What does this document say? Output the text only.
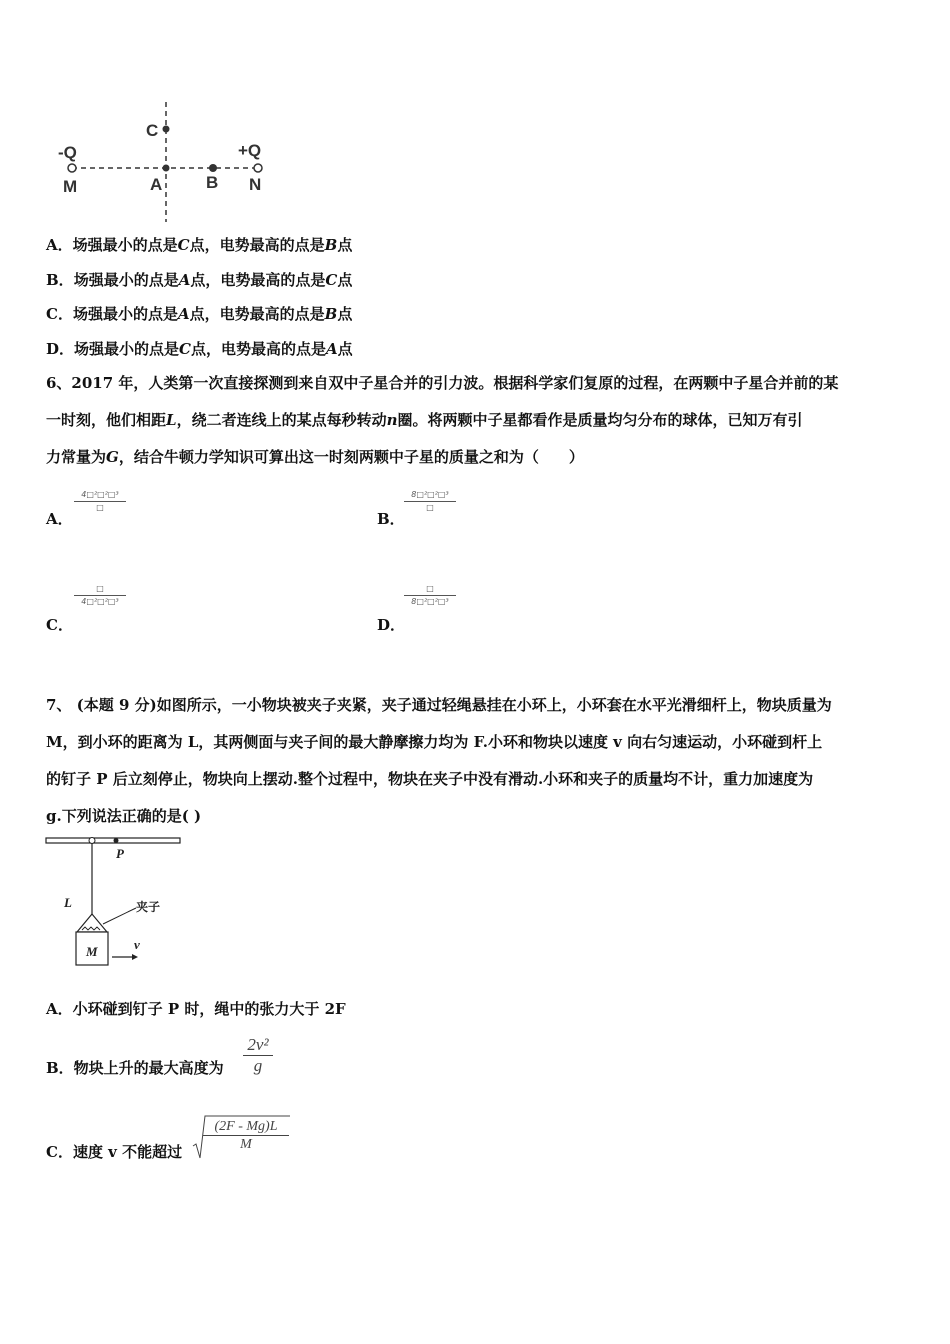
C
-Q	+Q
M	A	B N
A．场强最小的点是C点，电势最高的点是B点
B．场强最小的点是A点，电势最高的点是C点
C．场强最小的点是A点，电势最高的点是B点
D．场强最小的点是C点，电势最高的点是A点
6、2017 年，人类第一次直接探测到来自双中子星合并的引力波。根据科学家们复原的过程，在两颗中子星合并前的某
一时刻，他们相距L，绕二者连线上的某点每秒转动n圈。将两颗中子星都看作是质量均匀分布的球体，已知万有引
力常量为G，结合牛顿力学知识可算出这一时刻两颗中子星的质量之和为（　　）
A．
4□²□²□³
□
B．
8□²□²□³
□
C．
□
4□²□²□³
D．
□
8□²□²□³
7、 (本题 9 分)如图所示，一小物块被夹子夹紧，夹子通过轻绳悬挂在小环上，小环套在水平光滑细杆上，物块质量为
M，到小环的距离为 L，其两侧面与夹子间的最大静摩擦力均为 F.小环和物块以速度 v 向右匀速运动，小环碰到杆上
的钉子 P 后立刻停止，物块向上摆动.整个过程中，物块在夹子中没有滑动.小环和夹子的质量均不计，重力加速度为
g.下列说法正确的是( )
P
L	夹子
M	v
A．小环碰到钉子 P 时，绳中的张力大于 2F
B．物块上升的最大高度为
2v²
g
C．速度 v 不能超过
(2F - Mg)L
M
